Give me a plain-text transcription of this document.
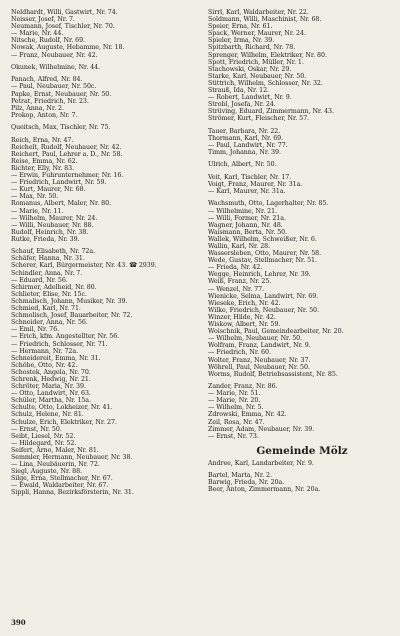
Neldhardt, Willi, Gastwirt, Nr. 74.
Neisser, Josef, Nr. 7.
Neumann, Josef, Tischler, Nr. 70.
— Marie, Nr. 44.
Nitsche, Rudolf, Nr. 69.
Nowak, Auguste, Hebamme, Nr. 18.
— Franz, Neubauer, Nr. 42.
Okunek, Wilhelmine, Nr. 44.
Panach, Alfred, Nr. 84.
— Paul, Neubauer, Nr. 50c.
Papke, Ernst, Neubauer, Nr. 50.
Petrat, Friedrich, Nr. 23.
Pilz, Anna, Nr. 2.
Prokop, Anton, Nr. 7.
Queitsch, Max, Tischler, Nr. 75.
Reich, Erna, Nr. 47.
Reichelt, Rudolf, Neubauer, Nr. 42.
Reichert, Paul, Lehrer a. D., Nr. 58.
Reise, Emma, Nr. 62.
Richter, Elly, Nr. 83.
— Erwin, Fuhrunternehmer, Nr. 16.
— Friedrich, Landwirt, Nr. 59.
— Kurt, Maurer, Nr. 68.
— Max, Nr. 50.
Romanus, Albert, Maler, Nr. 80.
— Marie, Nr. 11.
— Wilhelm, Maurer, Nr. 24.
— Willi, Neubauer, Nr. 88.
Rudolf, Heinrich, Nr. 38.
Rutke, Frieda, Nr. 39.
Schauf, Elisabeth, Nr. 72a.
Schäfer, Hanna, Nr. 31.
Scherer, Karl, Bürgermeister, Nr. 43. ☎ 2939.
Schindler, Anna, Nr. 7.
— Eduard, Nr. 56.
Schirmer, Adelheid, Nr. 80.
Schlieter, Elise, Nr. 15c.
Schmalisch, Johann, Musiker, Nr. 39.
Schmied, Karl, Nr. 71.
Schmolisch, Josef, Bauarbeiter, Nr. 72.
Schneider, Anna, Nr. 56.
— Emil, Nr. 76.
— Erich, kfm. Angestellter, Nr. 56.
— Friedrich, Schlosser, Nr. 71.
— Hermann, Nr. 72a.
Schneidereit, Emma, Nr. 31.
Schöbe, Otto, Nr. 42.
Schostek, Angela, Nr. 70.
Schrenk, Hedwig, Nr. 21.
Schröter, Maria, Nr. 39.
— Otto, Landwirt, Nr. 63.
Schüler, Martha, Nr. 15a.
Schulte, Otto, Lokheizer, Nr. 41.
Schulz, Helene, Nr. 81.
Schulze, Erich, Elektriker, Nr. 27.
— Ernst, Nr. 50.
Seibt, Liesel, Nr. 52.
— Hildegard, Nr. 52.
Seifert, Arno, Maler, Nr. 81.
Semmler, Hermann, Neubauer, Nr. 38.
— Lina, Neubäuerin, Nr. 72.
Siegl, Auguste, Nr. 88.
Silge, Erna, Stellmacher, Nr. 67.
— Ewald, Waldarbeiter, Nr. 67.
Sippli, Hanna, Bezirksförsterin, Nr. 31.
Sirrl, Karl, Waldarbeiter, Nr. 22.
Soldmann, Willi, Maschinist, Nr. 68.
Speier, Erna, Nr. 61.
Spack, Werner, Maurer, Nr. 24.
Spieler, Irma, Nr. 39.
Spitzbarth, Richard, Nr. 78.
Sprenger, Wilhelm, Elektriker, Nr. 80.
Spott, Friedrich, Müller, Nr. 1.
Stachowski, Oskar, Nr. 29.
Starke, Karl, Neubauer, Nr. 50.
Stittrich, Wilhelm, Schlosser, Nr. 32.
Strauß, Ida, Nr. 12.
— Robert, Landwirt, Nr. 9.
Strobl, Josefa, Nr. 24.
Strüving, Eduard, Zimmermann, Nr. 43.
Strömer, Kurt, Fleischer, Nr. 57.
Tauer, Barbara, Nr. 22.
Thormann, Karl, Nr. 69.
— Paul, Landwirt, Nr. 77.
Timm, Johanna, Nr. 39.
Ulrich, Albert, Nr. 50.
Veit, Karl, Tischler, Nr. 17.
Voigt, Franz, Maurer, Nr. 31a.
— Karl, Maurer, Nr. 31a.
Wachsmuth, Otto, Lagerhalter, Nr. 85.
— Wilhelmine, Nr. 21.
— Willi, Former, Nr. 21a.
Wagner, Johann, Nr. 48.
Waismann, Berta, Nr. 50.
Wallek, Wilhelm, Schweißer, Nr. 6.
Wallin, Karl, Nr. 28.
Wassersleben, Otto, Maurer, Nr. 58.
Wede, Gustav, Stellmacher, Nr. 51.
— Frieda, Nr. 42.
Wegge, Heinrich, Lehrer, Nr. 39.
Weiß, Franz, Nr. 25.
— Wenzel, Nr. 77.
Wienicke, Selma, Landwirt, Nr. 69.
Wieseke, Erich, Nr. 42.
Wilke, Friedrich, Neubauer, Nr. 50.
Winzer, Hilde, Nr. 42.
Wiskow, Albert, Nr. 59.
Woischnik, Paul, Gemeindearbeiter, Nr. 20.
— Wilhelm, Neubauer, Nr. 50.
Wolfram, Franz, Landwirt, Nr. 9.
— Friedrich, Nr. 60.
Wolter, Franz, Neubauer, Nr. 37.
Wöhrell, Paul, Neubauer, Nr. 50.
Worms, Rudolf, Betriebsassistent, Nr. 85.
Zander, Franz, Nr. 86.
— Marie, Nr. 51.
— Marie, Nr. 20.
— Wilhelm, Nr. 5.
Zdrowski, Emma, Nr. 42.
Zeil, Rosa, Nr. 47.
Zimmer, Adam, Neubauer, Nr. 39.
— Ernst, Nr. 73.
Gemeinde Mölz
Andree, Karl, Landarbeiter, Nr. 9.
Bartel, Marta, Nr. 2.
Barwig, Frieda, Nr. 20a.
Beer, Anton, Zimmermann, Nr. 20a.
390
